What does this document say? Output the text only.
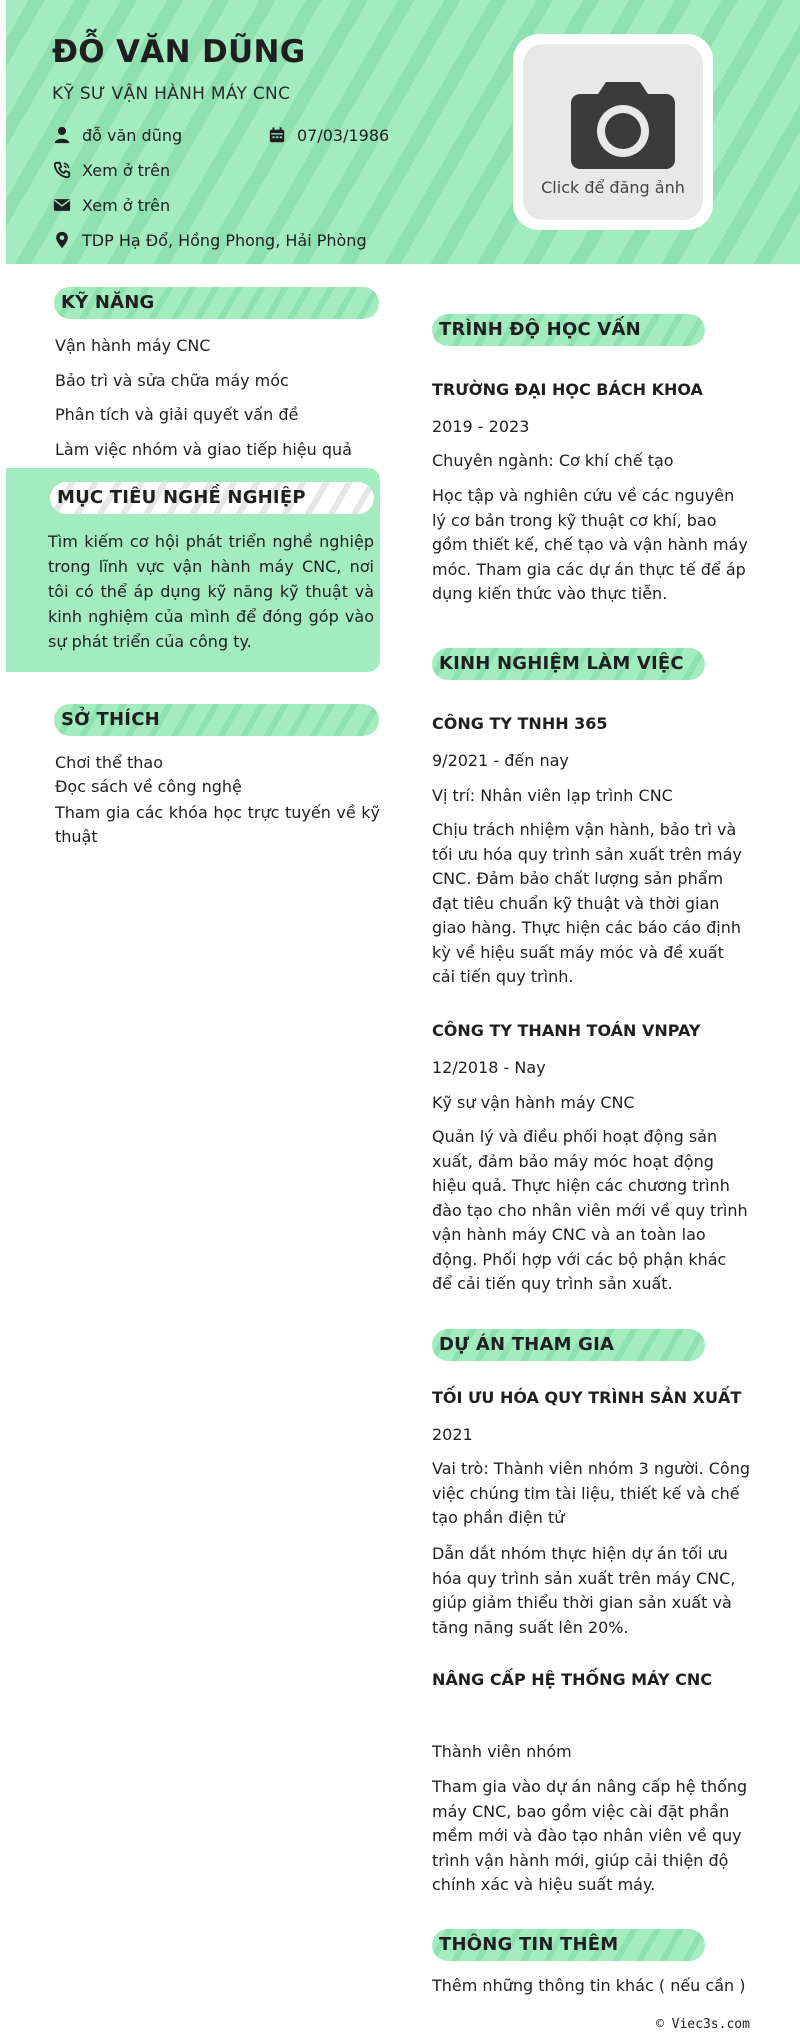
ĐỖ VĂN DŨNG
KỸ SƯ VẬN HÀNH MÁY CNC
đỗ văn dũng	07/03/1986
Xem ở trên
Xem ở trên
TDP Hạ Đổ, Hồng Phong, Hải Phòng
Click để đăng ảnh
KỸ NĂNG
Vận hành máy CNC
Bảo trì và sửa chữa máy móc
Phân tích và giải quyết vấn đề
Làm việc nhóm và giao tiếp hiệu quả
MỤC TIÊU NGHỀ NGHIỆP
Tìm kiếm cơ hội phát triển nghề nghiệp trong lĩnh vực vận hành máy CNC, nơi tôi có thể áp dụng kỹ năng kỹ thuật và kinh nghiệm của mình để đóng góp vào sự phát triển của công ty.
SỞ THÍCH
Chơi thể thao
Đọc sách về công nghệ
Tham gia các khóa học trực tuyến về kỹ thuật
TRÌNH ĐỘ HỌC VẤN
TRƯỜNG ĐẠI HỌC BÁCH KHOA
2019 - 2023
Chuyên ngành: Cơ khí chế tạo
Học tập và nghiên cứu về các nguyên lý cơ bản trong kỹ thuật cơ khí, bao gồm thiết kế, chế tạo và vận hành máy móc. Tham gia các dự án thực tế để áp dụng kiến thức vào thực tiễn.
KINH NGHIỆM LÀM VIỆC
CÔNG TY TNHH 365
9/2021 - đến nay
Vị trí: Nhân viên lạp trình CNC
Chịu trách nhiệm vận hành, bảo trì và tối ưu hóa quy trình sản xuất trên máy CNC. Đảm bảo chất lượng sản phẩm đạt tiêu chuẩn kỹ thuật và thời gian giao hàng. Thực hiện các báo cáo định kỳ về hiệu suất máy móc và đề xuất cải tiến quy trình.
CÔNG TY THANH TOÁN VNPAY
12/2018 - Nay
Kỹ sư vận hành máy CNC
Quản lý và điều phối hoạt động sản xuất, đảm bảo máy móc hoạt động hiệu quả. Thực hiện các chương trình đào tạo cho nhân viên mới về quy trình vận hành máy CNC và an toàn lao động. Phối hợp với các bộ phận khác để cải tiến quy trình sản xuất.
DỰ ÁN THAM GIA
TỐI ƯU HÓA QUY TRÌNH SẢN XUẤT
2021
Vai trò: Thành viên nhóm 3 người. Công việc chúng tim tài liệu, thiết kế và chế tạo phần điện tử
Dẫn dắt nhóm thực hiện dự án tối ưu hóa quy trình sản xuất trên máy CNC, giúp giảm thiểu thời gian sản xuất và tăng năng suất lên 20%.
NÂNG CẤP HỆ THỐNG MÁY CNC
Thành viên nhóm
Tham gia vào dự án nâng cấp hệ thống máy CNC, bao gồm việc cài đặt phần mềm mới và đào tạo nhân viên về quy trình vận hành mới, giúp cải thiện độ chính xác và hiệu suất máy.
THÔNG TIN THÊM
Thêm những thông tin khác ( nếu cần )
© Viec3s.com
